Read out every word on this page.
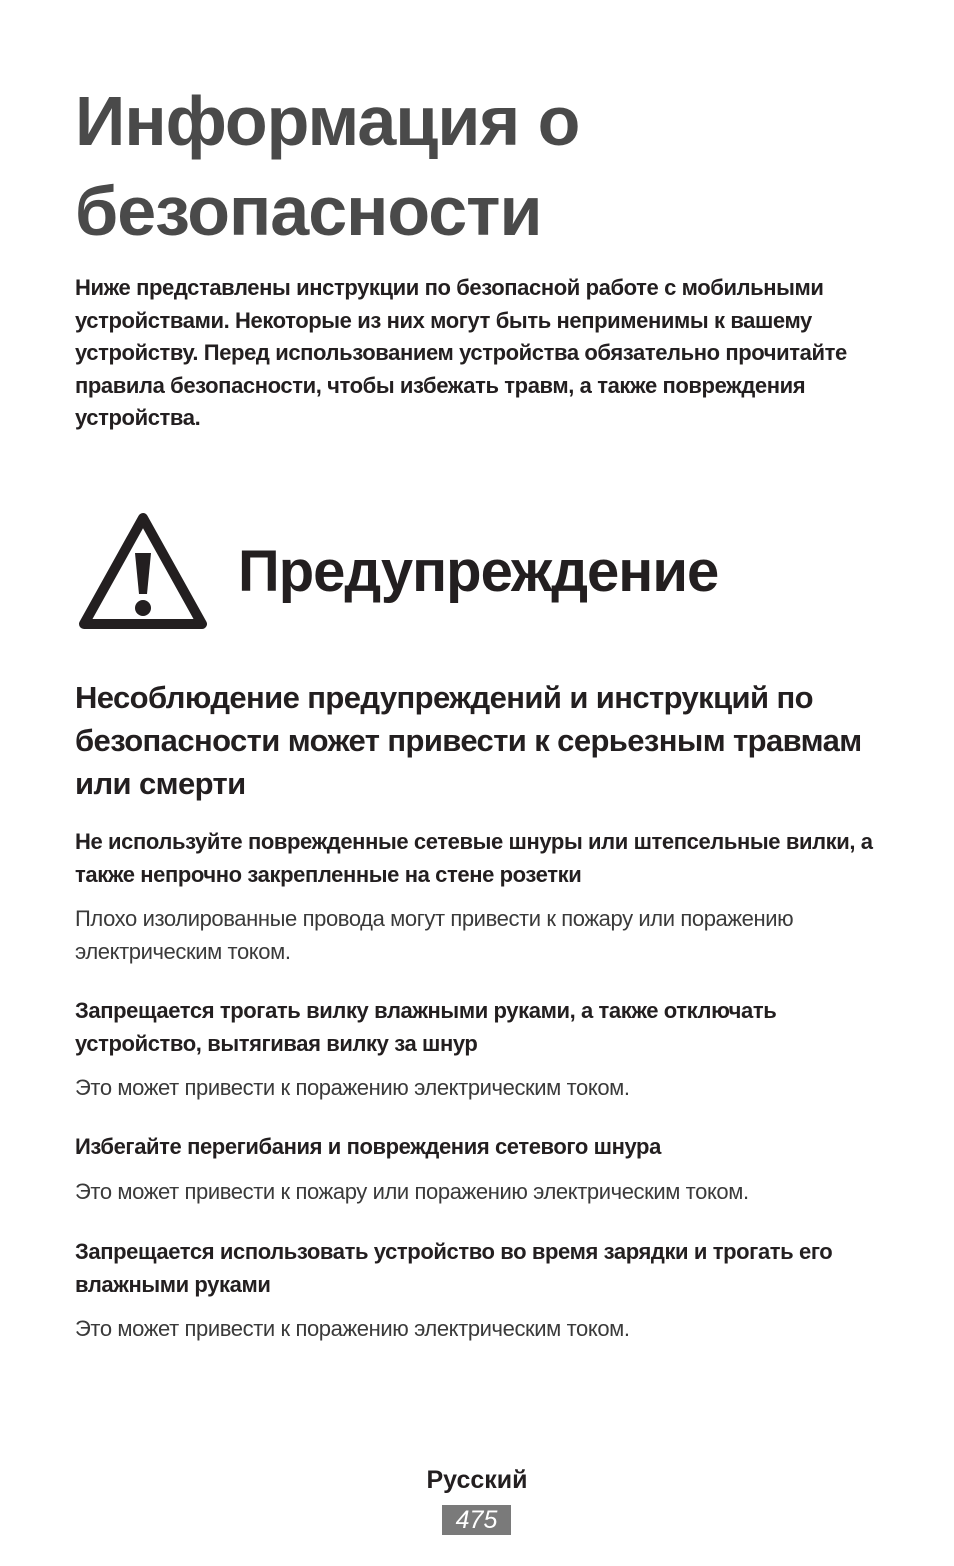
Информация о безопасности

Ниже представлены инструкции по безопасной работе с мобильными устройствами. Некоторые из них могут быть неприменимы к вашему устройству. Перед использованием устройства обязательно прочитайте правила безопасности, чтобы избежать травм, а также повреждения устройства.

Предупреждение
Несоблюдение предупреждений и инструкций по безопасности может привести к серьезным травмам или смерти

Не используйте поврежденные сетевые шнуры или штепсельные вилки, а также непрочно закрепленные на стене розетки

Плохо изолированные провода могут привести к пожару или поражению электрическим током.

Запрещается трогать вилку влажными руками, а также отключать устройство, вытягивая вилку за шнур

Это может привести к поражению электрическим током.

Избегайте перегибания и повреждения сетевого шнура

Это может привести к пожару или поражению электрическим током.

Запрещается использовать устройство во время зарядки и трогать его влажными руками

Это может привести к поражению электрическим током.

Русский
475
